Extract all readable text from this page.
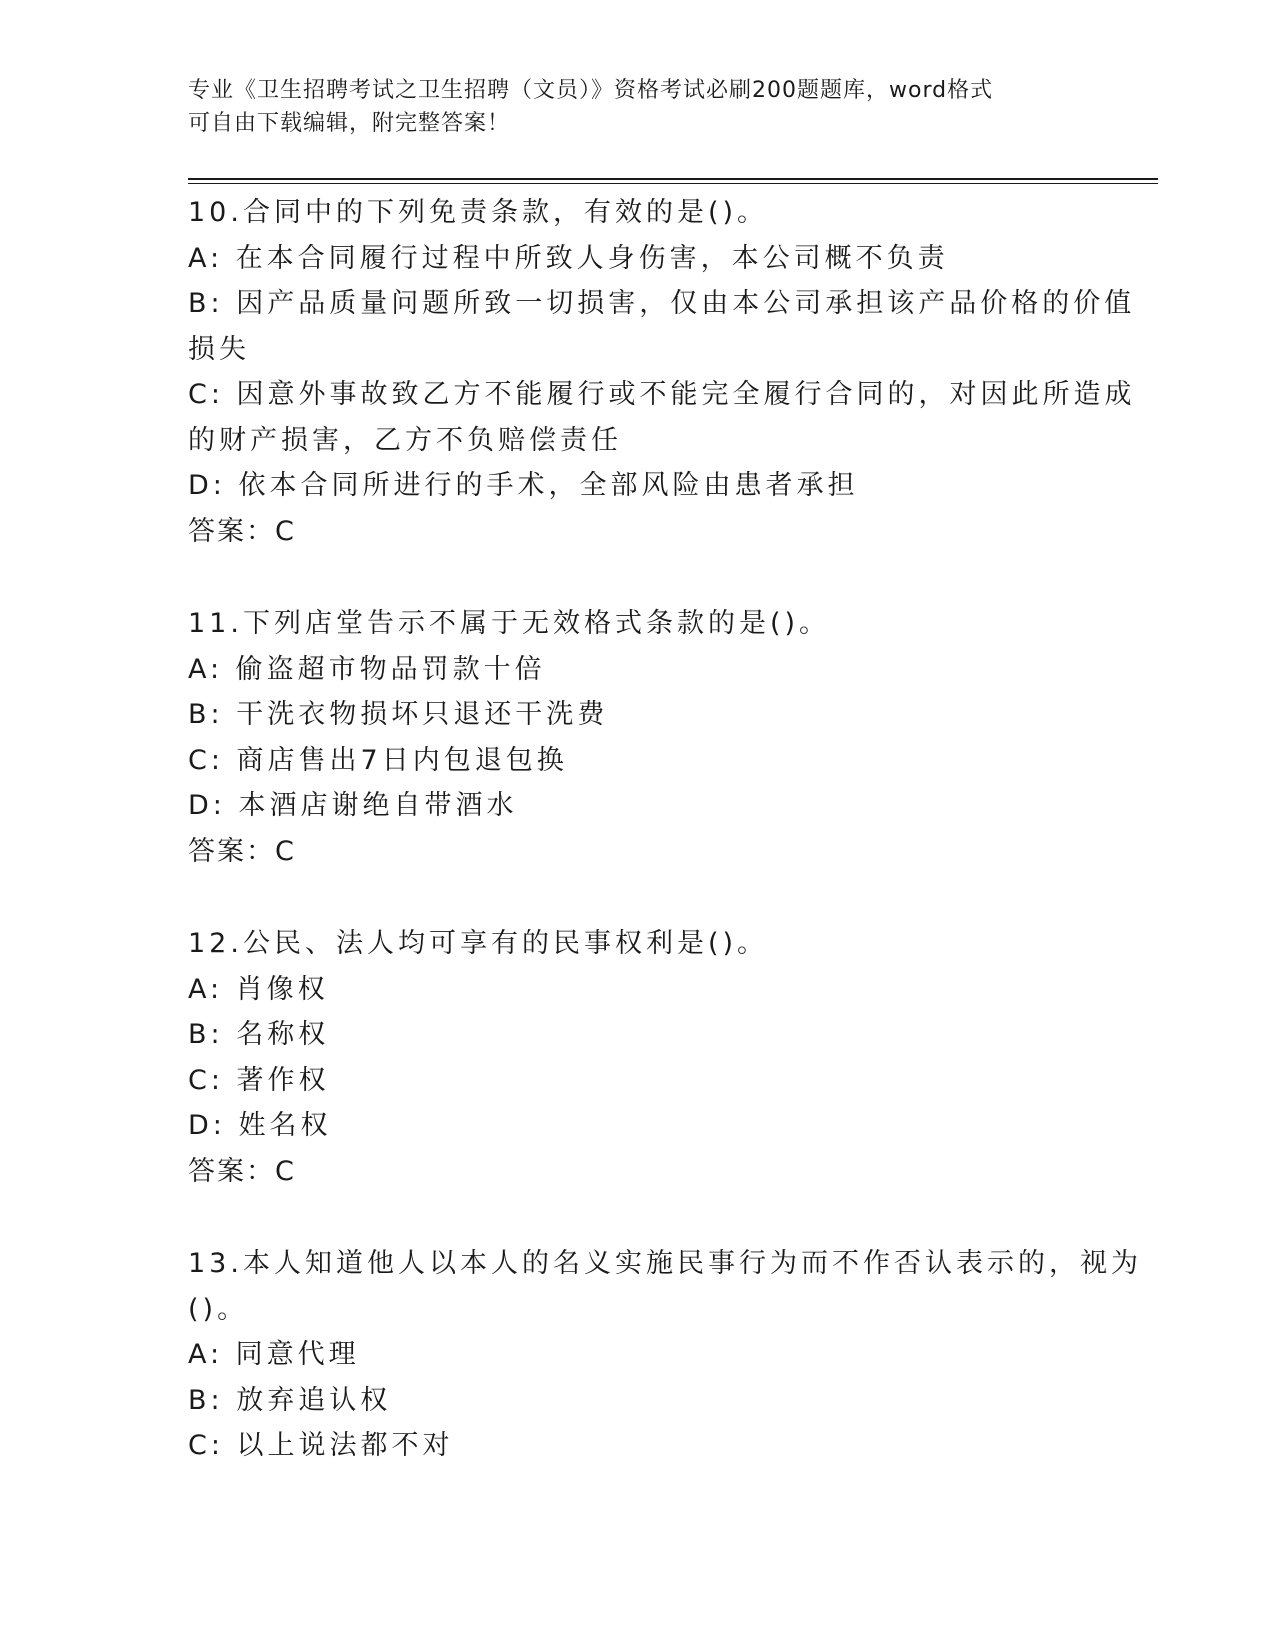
专业《卫生招聘考试之卫生招聘（文员）》资格考试必刷200题题库，word格式
可自由下载编辑，附完整答案！
10.合同中的下列免责条款，有效的是()。
A: 在本合同履行过程中所致人身伤害，本公司概不负责
B: 因产品质量问题所致一切损害，仅由本公司承担该产品价格的价值
损失
C: 因意外事故致乙方不能履行或不能完全履行合同的，对因此所造成
的财产损害，乙方不负赔偿责任
D: 依本合同所进行的手术，全部风险由患者承担
答案：C
11.下列店堂告示不属于无效格式条款的是()。
A: 偷盗超市物品罚款十倍
B: 干洗衣物损坏只退还干洗费
C: 商店售出7日内包退包换
D: 本酒店谢绝自带酒水
答案：C
12.公民、法人均可享有的民事权利是()。
A: 肖像权
B: 名称权
C: 著作权
D: 姓名权
答案：C
13.本人知道他人以本人的名义实施民事行为而不作否认表示的，视为
()。
A: 同意代理
B: 放弃追认权
C: 以上说法都不对
